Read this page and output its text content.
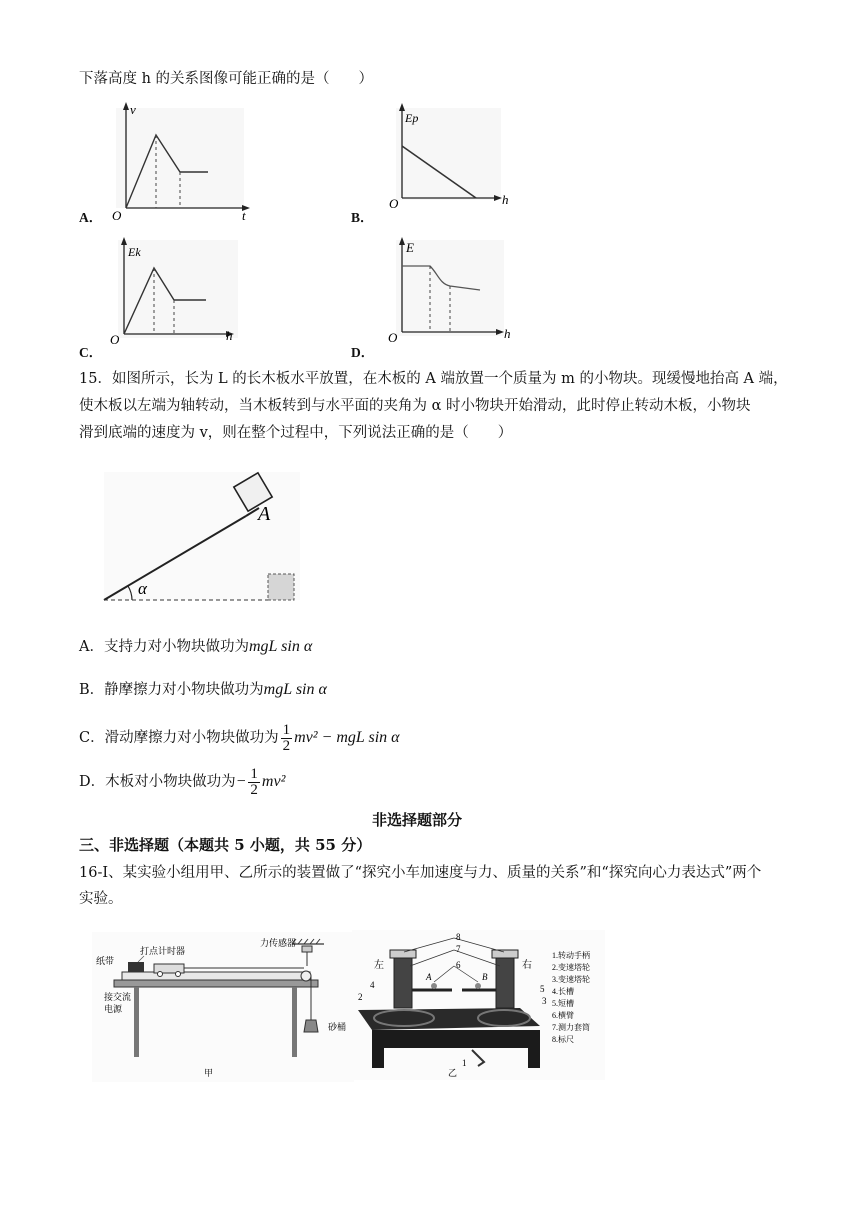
下落高度 h 的关系图像可能正确的是（　　）
A．
v
t
O	B．
Ep
h
O
C．
Ek
h
O
D．
E
h
O
15．如图所示，长为 L 的长木板水平放置，在木板的 A 端放置一个质量为 m 的小物块。现缓慢地抬高 A 端，
使木板以左端为轴转动，当木板转到与水平面的夹角为 α 时小物块开始滑动，此时停止转动木板，小物块
滑到底端的速度为 v，则在整个过程中，下列说法正确的是（　　）
α
A
A．支持力对小物块做功为mgL sin α
B．静摩擦力对小物块做功为mgL sin α
C．滑动摩擦力对小物块做功为 $\frac{1}{2} mv^2$ − mgL sin α
D．木板对小物块做功为− $\frac{1}{2} mv^2$
非选择题部分
三、非选择题（本题共 5 小题，共 55 分）
16-I、某实验小组用甲、乙所示的装置做了“探究小车加速度与力、质量的关系”和“探究向心力表达式”两个
实验。
打点计时器
力传感器
纸带
接交流
电源
砂桶
甲
8
7
6
A	B
4
2
5
3
1
左	右
乙
1.转动手柄
2.变速塔轮
3.变速塔轮
4.长槽
5.短槽
6.横臂
7.测力套筒
8.标尺
